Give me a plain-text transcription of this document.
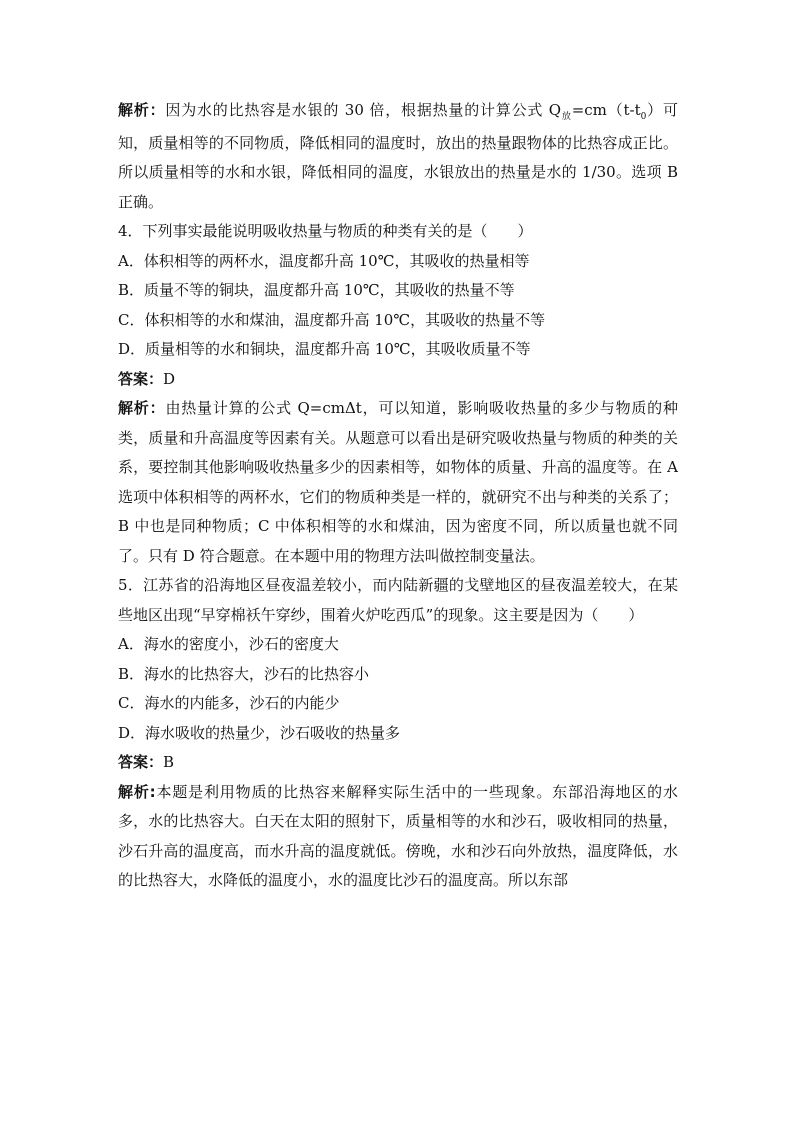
解析：因为水的比热容是水银的 30 倍，根据热量的计算公式 $Q_放=cm(t-t_0)$可知，质量相等的不同物质，降低相同的温度时，放出的热量跟物体的比热容成正比。所以质量相等的水和水银，降低相同的温度，水银放出的热量是水的 1/30。选项 B 正确。

4．下列事实最能说明吸收热量与物质的种类有关的是（　　）

A．体积相等的两杯水，温度都升高 10℃，其吸收的热量相等
B．质量不等的铜块，温度都升高 10℃，其吸收的热量不等
C．体积相等的水和煤油，温度都升高 10℃，其吸收的热量不等
D．质量相等的水和铜块，温度都升高 10℃，其吸收质量不等

答案：D

解析：由热量计算的公式 Q=cmΔt，可以知道，影响吸收热量的多少与物质的种类，质量和升高温度等因素有关。从题意可以看出是研究吸收热量与物质的种类的关系，要控制其他影响吸收热量多少的因素相等，如物体的质量、升高的温度等。在 A 选项中体积相等的两杯水，它们的物质种类是一样的，就研究不出与种类的关系了；B 中也是同种物质；C 中体积相等的水和煤油，因为密度不同，所以质量也就不同了。只有 D 符合题意。在本题中用的物理方法叫做控制变量法。

5．江苏省的沿海地区昼夜温差较小，而内陆新疆的戈壁地区的昼夜温差较大，在某些地区出现“早穿棉袄午穿纱，围着火炉吃西瓜”的现象。这主要是因为（　　）

A．海水的密度小，沙石的密度大
B．海水的比热容大，沙石的比热容小
C．海水的内能多，沙石的内能少
D．海水吸收的热量少，沙石吸收的热量多

答案：B

解析:本题是利用物质的比热容来解释实际生活中的一些现象。东部沿海地区的水多，水的比热容大。白天在太阳的照射下，质量相等的水和沙石，吸收相同的热量，沙石升高的温度高，而水升高的温度就低。傍晚，水和沙石向外放热，温度降低，水的比热容大，水降低的温度小，水的温度比沙石的温度高。所以东部
